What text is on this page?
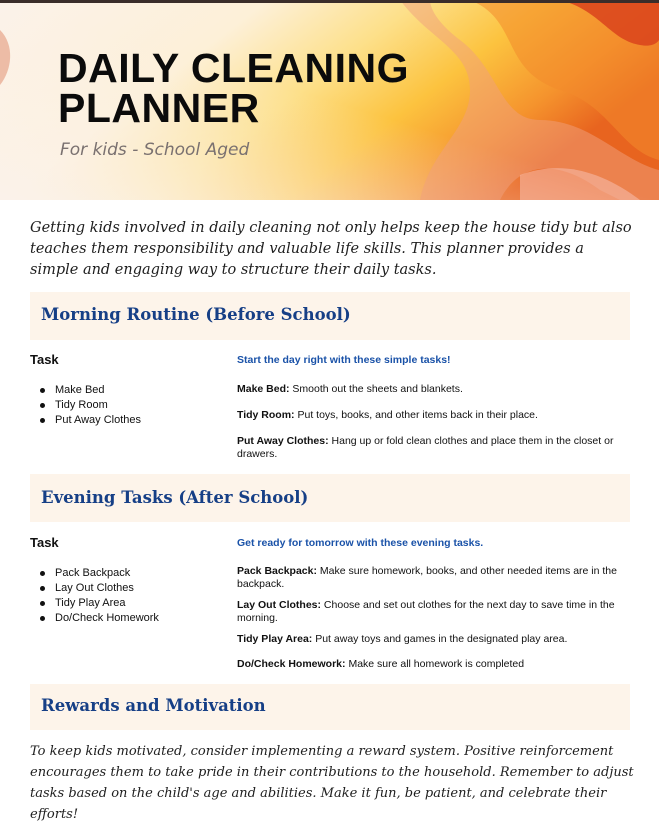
DAILY CLEANING
PLANNER
For kids - School Aged

Getting kids involved in daily cleaning not only helps keep the house tidy but also teaches them responsibility and valuable life skills. This planner provides a simple and engaging way to structure their daily tasks.

Morning Routine (Before School)
Task
Make Bed
Tidy Room
Put Away Clothes
Start the day right with these simple tasks!

Make Bed: Smooth out the sheets and blankets.

Tidy Room: Put toys, books, and other items back in their place.

Put Away Clothes: Hang up or fold clean clothes and place them in the closet or drawers.

Evening Tasks (After School)
Task
Pack Backpack
Lay Out Clothes
Tidy Play Area
Do/Check Homework
Get ready for tomorrow with these evening tasks.

Pack Backpack: Make sure homework, books, and other needed items are in the backpack.

Lay Out Clothes: Choose and set out clothes for the next day to save time in the morning.

Tidy Play Area: Put away toys and games in the designated play area.

Do/Check Homework: Make sure all homework is completed

Rewards and Motivation

To keep kids motivated, consider implementing a reward system. Positive reinforcement encourages them to take pride in their contributions to the household. Remember to adjust tasks based on the child's age and abilities. Make it fun, be patient, and celebrate their efforts!
